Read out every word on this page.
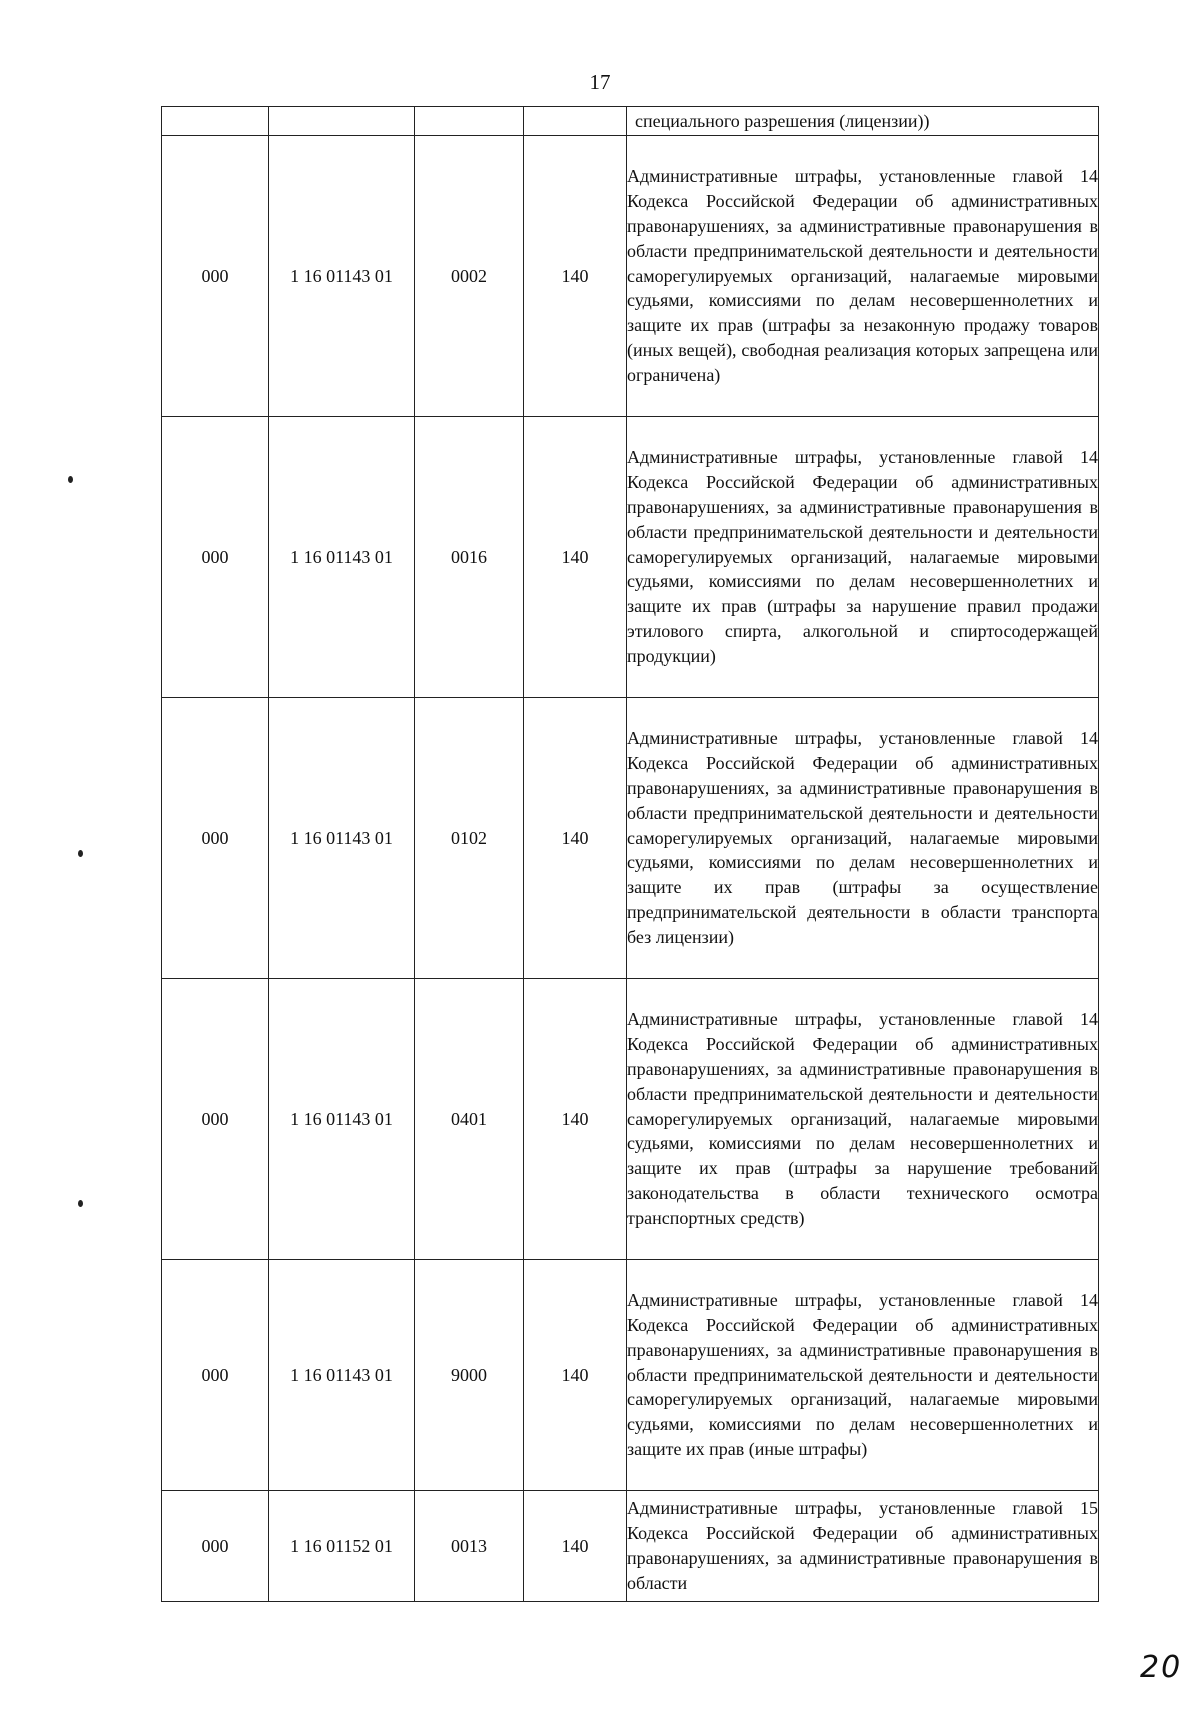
17
				специального разрешения (лицензии))
000	1 16 01143 01	0002	140	Административные штрафы, установленные главой 14 Кодекса Российской Федерации об административных правонарушениях, за административные правонарушения в области предпринимательской деятельности и деятельности саморегулируемых организаций, налагаемые мировыми судьями, комиссиями по делам несовершеннолетних и защите их прав (штрафы за незаконную продажу товаров (иных вещей), свободная реализация которых запрещена или ограничена)
000	1 16 01143 01	0016	140	Административные штрафы, установленные главой 14 Кодекса Российской Федерации об административных правонарушениях, за административные правонарушения в области предпринимательской деятельности и деятельности саморегулируемых организаций, налагаемые мировыми судьями, комиссиями по делам несовершеннолетних и защите их прав (штрафы за нарушение правил продажи этилового спирта, алкогольной и спиртосодержащей продукции)
000	1 16 01143 01	0102	140	Административные штрафы, установленные главой 14 Кодекса Российской Федерации об административных правонарушениях, за административные правонарушения в области предпринимательской деятельности и деятельности саморегулируемых организаций, налагаемые мировыми судьями, комиссиями по делам несовершеннолетних и защите их прав (штрафы за осуществление предпринимательской деятельности в области транспорта без лицензии)
000	1 16 01143 01	0401	140	Административные штрафы, установленные главой 14 Кодекса Российской Федерации об административных правонарушениях, за административные правонарушения в области предпринимательской деятельности и деятельности саморегулируемых организаций, налагаемые мировыми судьями, комиссиями по делам несовершеннолетних и защите их прав (штрафы за нарушение требований законодательства в области технического осмотра транспортных средств)
000	1 16 01143 01	9000	140	Административные штрафы, установленные главой 14 Кодекса Российской Федерации об административных правонарушениях, за административные правонарушения в области предпринимательской деятельности и деятельности саморегулируемых организаций, налагаемые мировыми судьями, комиссиями по делам несовершеннолетних и защите их прав (иные штрафы)
000	1 16 01152 01	0013	140	Административные штрафы, установленные главой 15 Кодекса Российской Федерации об административных правонарушениях, за административные правонарушения в области
20
